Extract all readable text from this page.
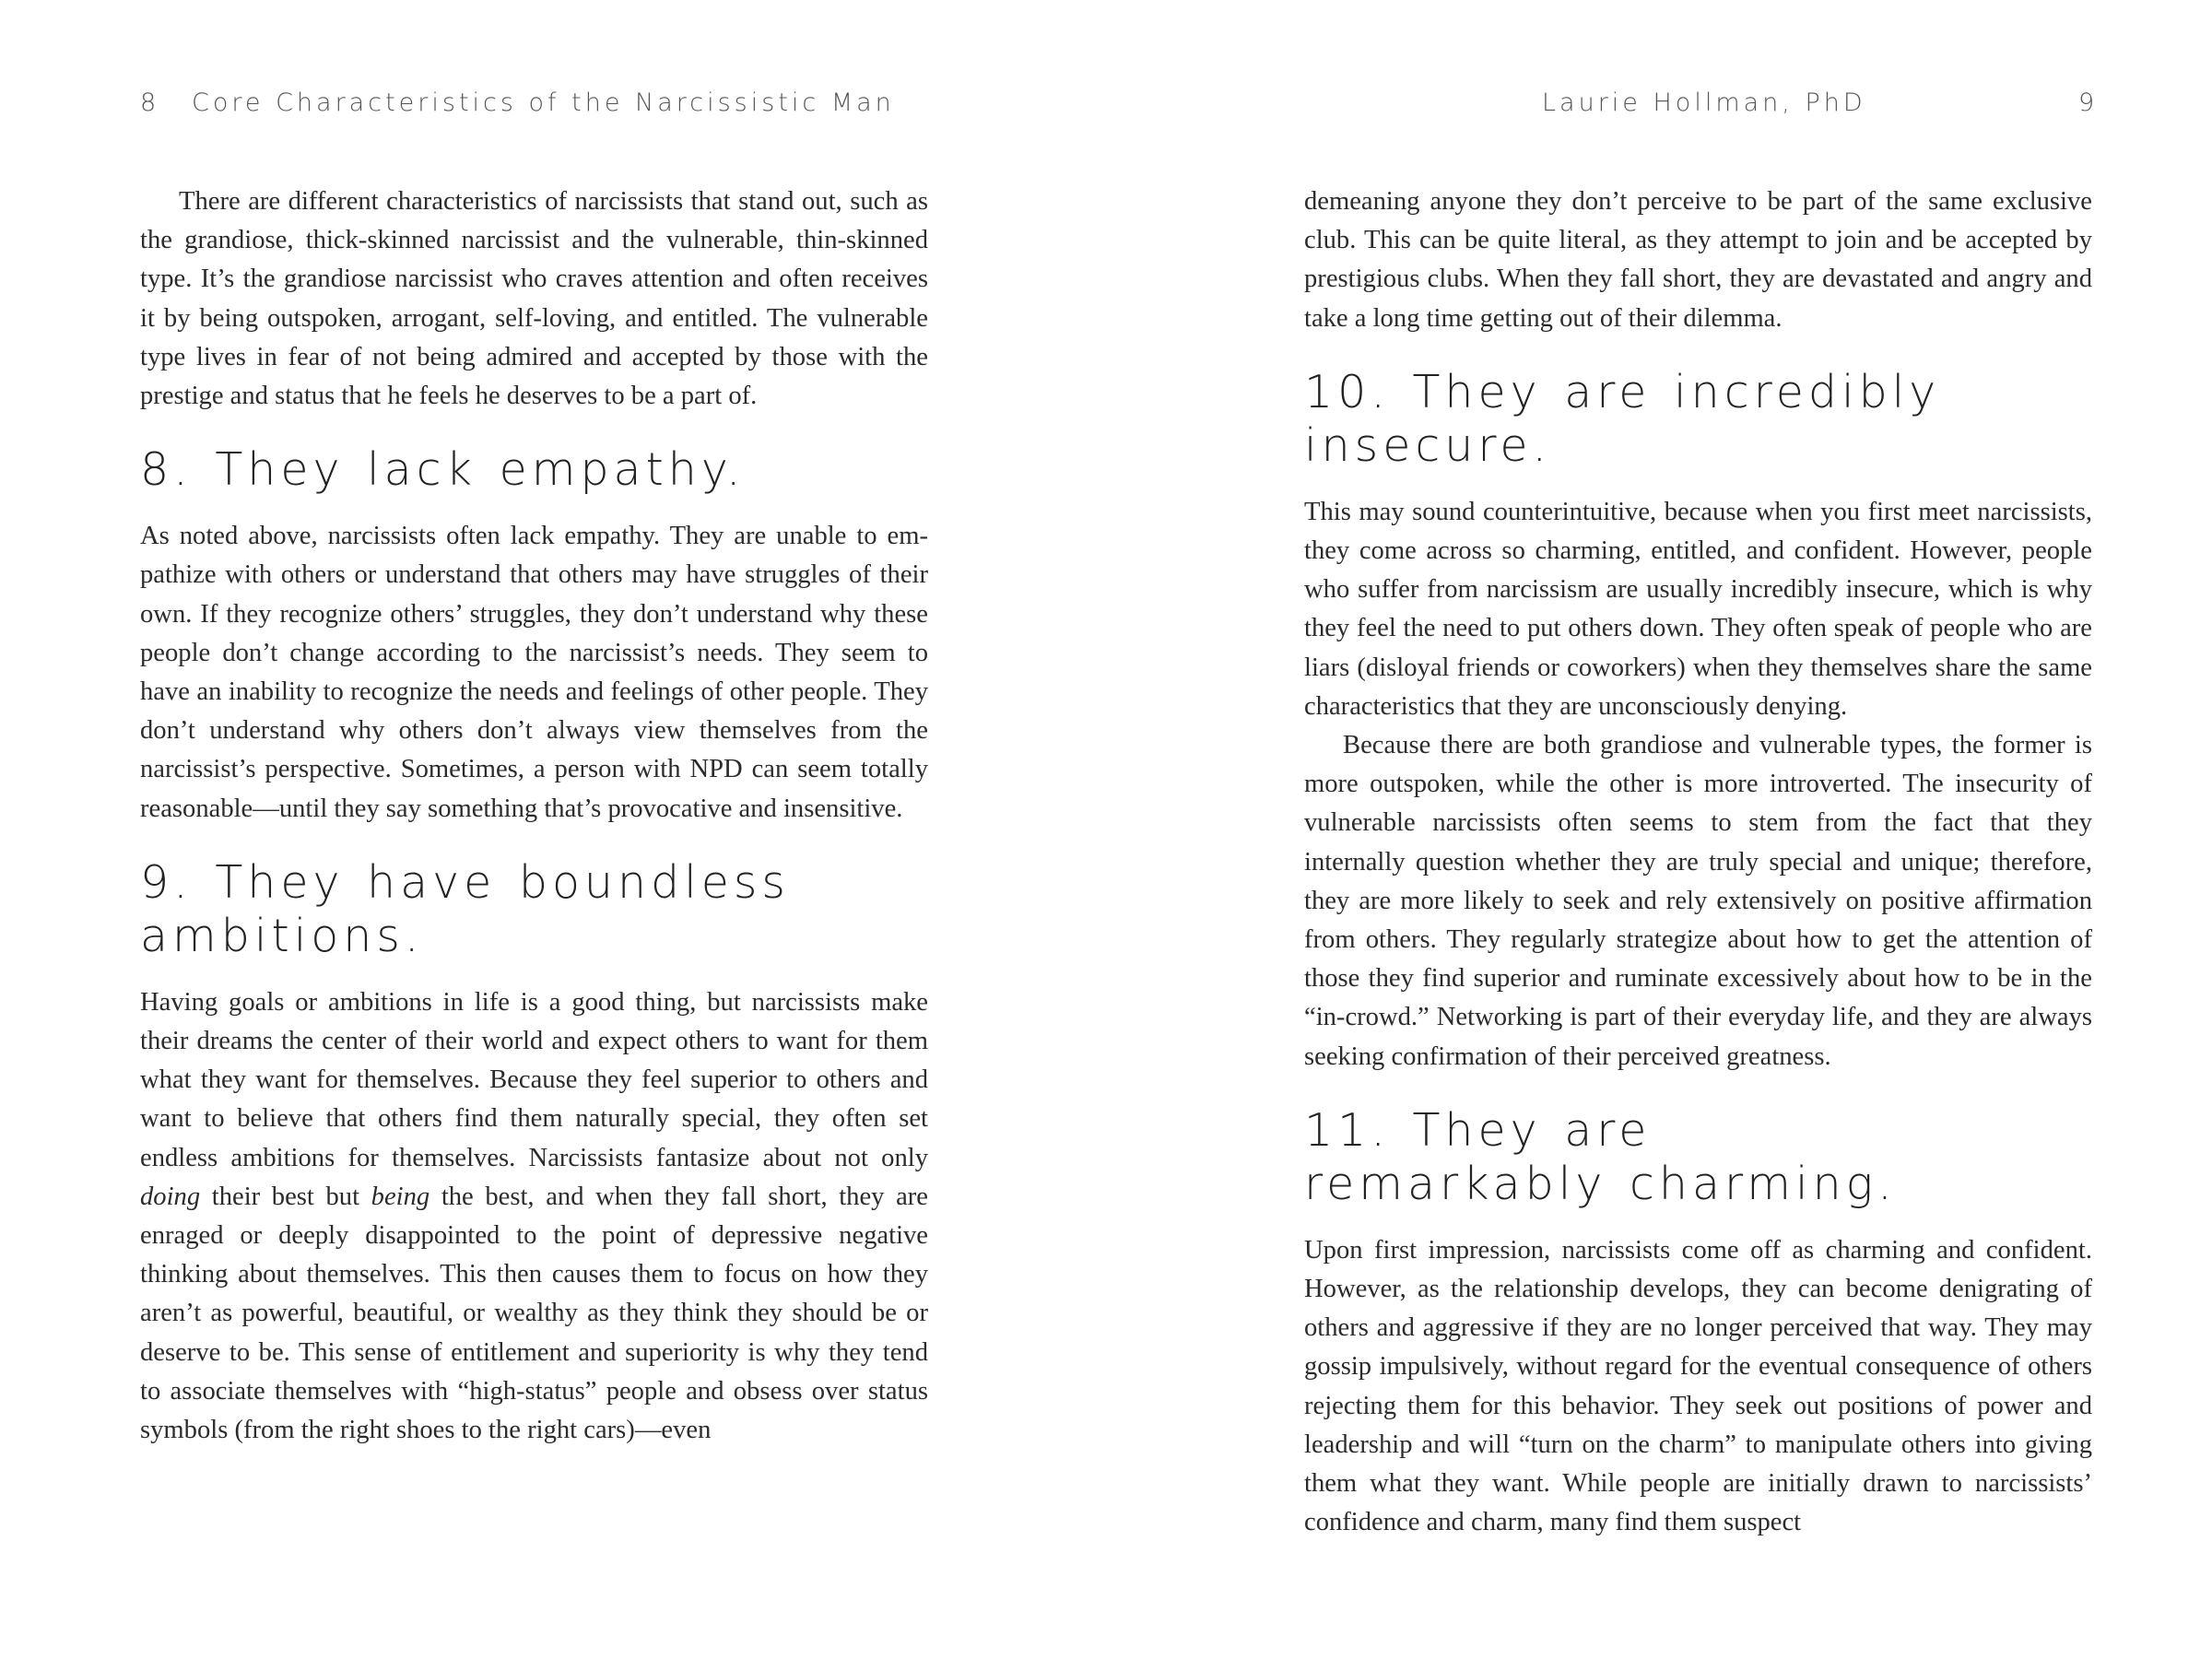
8 Core Characteristics of the Narcissistic Man

There are different characteristics of narcissists that stand out, such as the grandiose, thick-skinned narcissist and the vulnerable, thin-skinned type. It’s the grandiose narcissist who craves attention and often receives it by being outspoken, arrogant, self-loving, and entitled. The vulnerable type lives in fear of not being admired and accepted by those with the prestige and status that he feels he deserves to be a part of.

8. They lack empathy.

As noted above, narcissists often lack empathy. They are unable to empathize with others or understand that others may have struggles of their own. If they recognize others’ struggles, they don’t understand why these people don’t change according to the narcissist’s needs. They seem to have an inability to recognize the needs and feelings of other people. They don’t understand why others don’t always view themselves from the narcissist’s perspective. Sometimes, a person with NPD can seem totally reasonable—until they say something that’s provocative and insensitive.

9. They have boundless ambitions.

Having goals or ambitions in life is a good thing, but narcissists make their dreams the center of their world and expect others to want for them what they want for themselves. Because they feel superior to others and want to believe that others find them naturally special, they often set endless ambitions for themselves. Narcissists fantasize about not only doing their best but being the best, and when they fall short, they are enraged or deeply disappointed to the point of depressive negative thinking about themselves. This then causes them to focus on how they aren’t as powerful, beautiful, or wealthy as they think they should be or deserve to be. This sense of entitlement and superiority is why they tend to associate themselves with “high-status” people and obsess over status symbols (from the right shoes to the right cars)—even

Laurie Hollman, PhD	9

demeaning anyone they don’t perceive to be part of the same exclusive club. This can be quite literal, as they attempt to join and be accepted by prestigious clubs. When they fall short, they are devastated and angry and take a long time getting out of their dilemma.

10. They are incredibly insecure.

This may sound counterintuitive, because when you first meet narcissists, they come across so charming, entitled, and confident. However, people who suffer from narcissism are usually incredibly insecure, which is why they feel the need to put others down. They often speak of people who are liars (disloyal friends or coworkers) when they themselves share the same characteristics that they are unconsciously denying.

Because there are both grandiose and vulnerable types, the former is more outspoken, while the other is more introverted. The insecurity of vulnerable narcissists often seems to stem from the fact that they internally question whether they are truly special and unique; therefore, they are more likely to seek and rely extensively on positive affirmation from others. They regularly strategize about how to get the attention of those they find superior and ruminate excessively about how to be in the “in-crowd.” Networking is part of their everyday life, and they are always seeking confirmation of their perceived greatness.

11. They are remarkably charming.

Upon first impression, narcissists come off as charming and confident. However, as the relationship develops, they can become denigrating of others and aggressive if they are no longer perceived that way. They may gossip impulsively, without regard for the eventual consequence of others rejecting them for this behavior. They seek out positions of power and leadership and will “turn on the charm” to manipulate others into giving them what they want. While people are initially drawn to narcissists’ confidence and charm, many find them suspect
